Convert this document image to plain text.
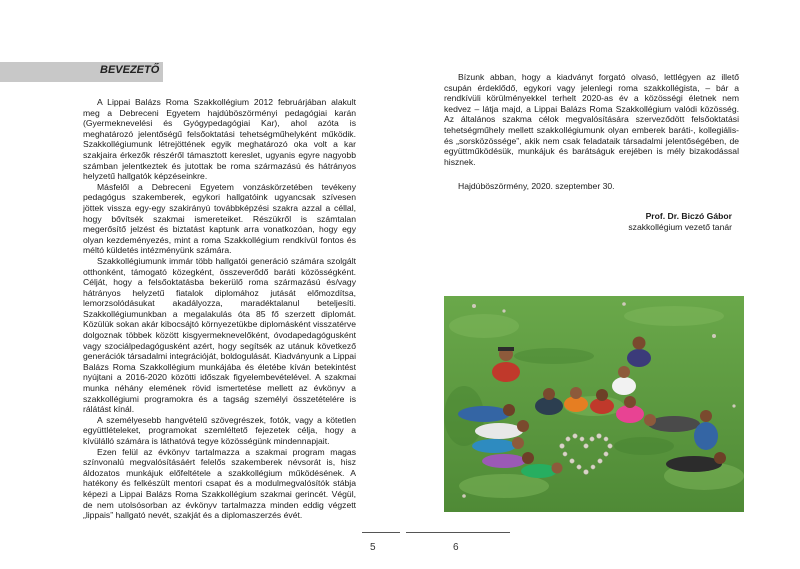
BEVEZETŐ

A Lippai Balázs Roma Szakkollégium 2012 februárjában alakult meg a Debreceni Egyetem hajdúböszörményi pedagógiai karán (Gyermeknevelési és Gyógypedagógiai Kar), ahol azóta is meghatározó jelentőségű felsőoktatási tehetségműhelyként működik. Szakkollégiumunk létrejöttének egyik meghatározó oka volt a kar szakjaira érkezők részéről támasztott kereslet, ugyanis egyre nagyobb számban jelentkeztek és jutottak be roma származású és hátrányos helyzetű hallgatók képzéseinkre.

Másfelől a Debreceni Egyetem vonzáskörzetében tevékeny pedagógus szakemberek, egykori hallgatóink ugyancsak szívesen jöttek vissza egy-egy szakirányú továbbképzési szakra azzal a céllal, hogy bővítsék szakmai ismereteiket. Részükről is számtalan megerősítő jelzést és biztatást kaptunk arra vonatkozóan, hogy egy olyan kezdeményezés, mint a roma Szakkollégium rendkívül fontos és méltó küldetés intézményünk számára.

Szakkollégiumunk immár több hallgatói generáció számára szolgált otthonként, támogató közegként, összeverődő baráti közösségként. Célját, hogy a felsőoktatásba bekerülő roma származású és/vagy hátrányos helyzetű fiatalok diplomához jutását előmozdítsa, lemorzsolódásukat akadályozza, maradéktalanul beteljesíti. Szakkollégiumunkban a megalakulás óta 85 fő szerzett diplomát. Közülük sokan akár kibocsájtó környezetükbe diplomásként visszatérve dolgoznak többek között kisgyermeknevelőként, óvodapedagógusként vagy szociálpedagógusként azért, hogy segítsék az utánuk következő generációk társadalmi integrációját, boldogulását. Kiadványunk a Lippai Balázs Roma Szakkollégium munkájába és életébe kíván betekintést nyújtani a 2016-2020 közötti időszak figyelembevételével. A szakmai munka néhány elemének rövid ismertetése mellett az évkönyv a szakkollégiumi programokra és a tagság személyi összetételére is rálátást kínál.

A személyesebb hangvételű szövegrészek, fotók, vagy a kötetlen együttlételeket, programokat szemléltető fejezetek célja, hogy a kívülálló számára is láthatóvá tegye közösségünk mindennapjait.

Ezen felül az évkönyv tartalmazza a szakmai program magas színvonalú megvalósításáért felelős szakemberek névsorát is, hisz áldozatos munkájuk előfeltétele a szakkollégium működésének. A hatékony és felkészült mentori csapat és a modulmegvalósítók stábja képezi a Lippai Balázs Roma Szakkollégium szakmai gerincét. Végül, de nem utolsósorban az évkönyv tartalmazza minden eddig végzett „lippais” hallgató nevét, szakját és a diplomaszerzés évét.

Bízunk abban, hogy a kiadványt forgató olvasó, lettlégyen az illető csupán érdeklődő, egykori vagy jelenlegi roma szakkollégista, – bár a rendkívüli körülményekkel terhelt 2020-as év a közösségi életnek nem kedvez – látja majd, a Lippai Balázs Roma Szakkollégium valódi közösség. Az általános szakma célok megvalósítására szerveződött felsőoktatási tehetségműhely mellett szakkollégiumunk olyan emberek baráti-, kollegiális- és „sorsközössége”, akik nem csak feladataik társadalmi jelentőségében, de együttműködésük, munkájuk és barátságuk erejében is mély bizakodással hisznek.

Hajdúböszörmény, 2020. szeptember 30.
Prof. Dr. Biczó Gábor
szakkollégium vezető tanár
5	6
